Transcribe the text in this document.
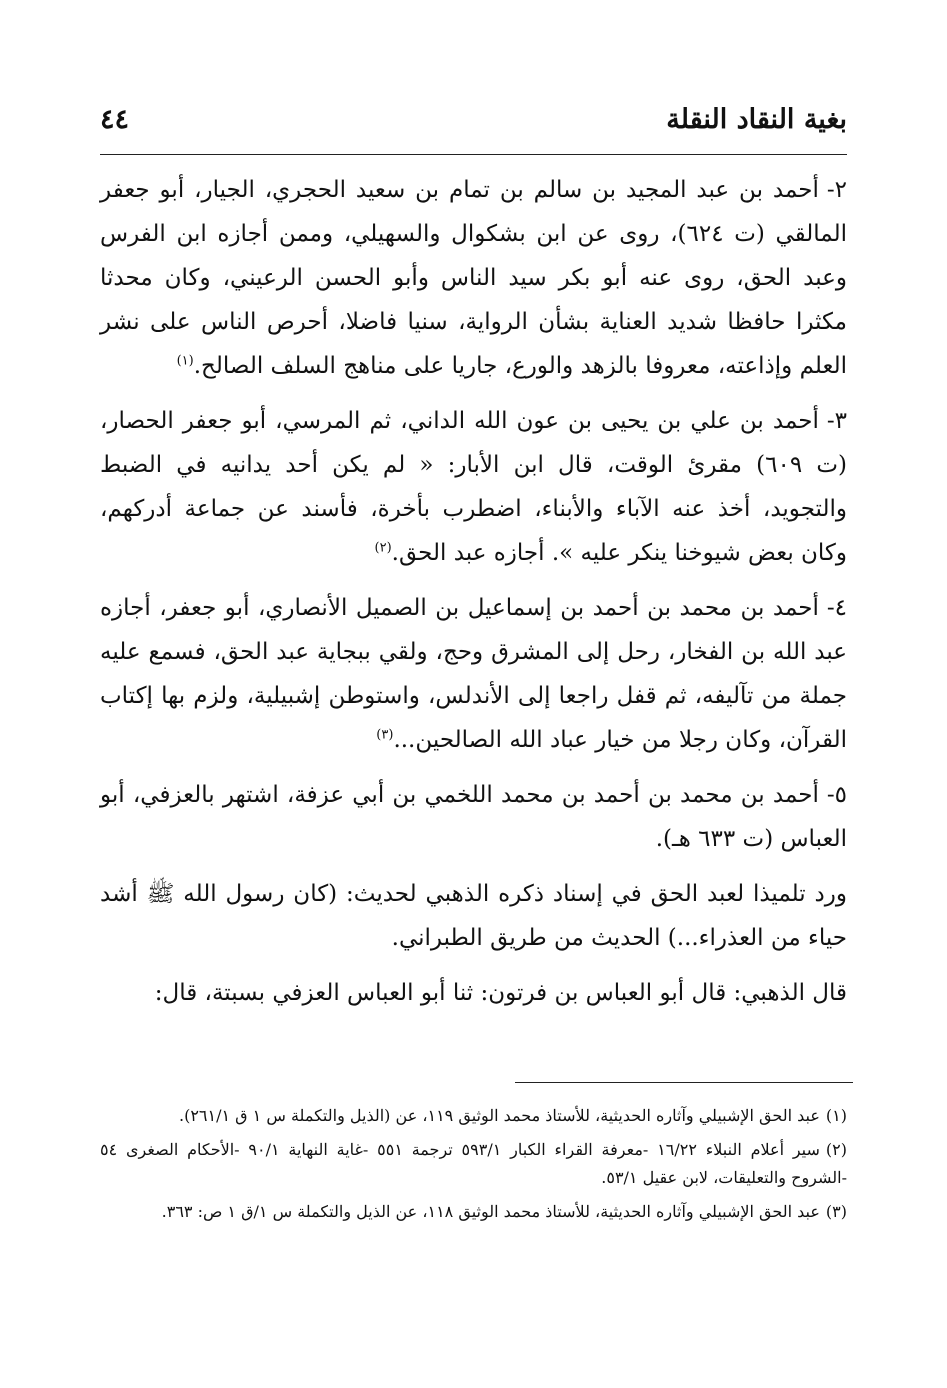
بغية النقاد النقلة
٤٤

٢-أحمد بن عبد المجيد بن سالم بن تمام بن سعيد الحجري، الجيار، أبو جعفر المالقي (ت ٦٢٤)، روى عن ابن بشكوال والسهيلي، وممن أجازه ابن الفرس وعبد الحق، روى عنه أبو بكر سيد الناس وأبو الحسن الرعيني، وكان محدثا مكثرا حافظا شديد العناية بشأن الرواية، سنيا فاضلا، أحرص الناس على نشر العلم وإذاعته، معروفا بالزهد والورع، جاريا على مناهج السلف الصالح.$^{(١)}$

٣-أحمد بن علي بن يحيى بن عون الله الداني، ثم المرسي، أبو جعفر الحصار، (ت ٦٠٩) مقرئ الوقت، قال ابن الأبار: « لم يكن أحد يدانيه في الضبط والتجويد، أخذ عنه الآباء والأبناء، اضطرب بأخرة، فأسند عن جماعة أدركهم، وكان بعض شيوخنا ينكر عليه ». أجازه عبد الحق.$^{(٢)}$

٤-أحمد بن محمد بن أحمد بن إسماعيل بن الصميل الأنصاري، أبو جعفر، أجازه عبد الله بن الفخار، رحل إلى المشرق وحج، ولقي ببجاية عبد الحق، فسمع عليه جملة من تآليفه، ثم قفل راجعا إلى الأندلس، واستوطن إشبيلية، ولزم بها إكتاب القرآن، وكان رجلا من خيار عباد الله الصالحين...$^{(٣)}$

٥-أحمد بن محمد بن أحمد بن محمد اللخمي بن أبي عزفة، اشتهر بالعزفي، أبو العباس (ت ٦٣٣ هـ).

ورد تلميذا لعبد الحق في إسناد ذكره الذهبي لحديث: (كان رسول الله ﷺ أشد حياء من العذراء...) الحديث من طريق الطبراني.

قال الذهبي: قال أبو العباس بن فرتون: ثنا أبو العباس العزفي بسبتة، قال:

(١)عبد الحق الإشبيلي وآثاره الحديثية، للأستاذ محمد الوثيق ١١٩، عن (الذيل والتكملة س ١ ق ٢٦١/١).

(٢)سير أعلام النبلاء ١٦/٢٢ -معرفة القراء الكبار ٥٩٣/١ ترجمة ٥٥١ -غاية النهاية ٩٠/١ -الأحكام الصغرى ٥٤ -الشروح والتعليقات، لابن عقيل ٥٣/١.

(٣)عبد الحق الإشبيلي وآثاره الحديثية، للأستاذ محمد الوثيق ١١٨، عن الذيل والتكملة س ١/ق ١ ص: ٣٦٣.
